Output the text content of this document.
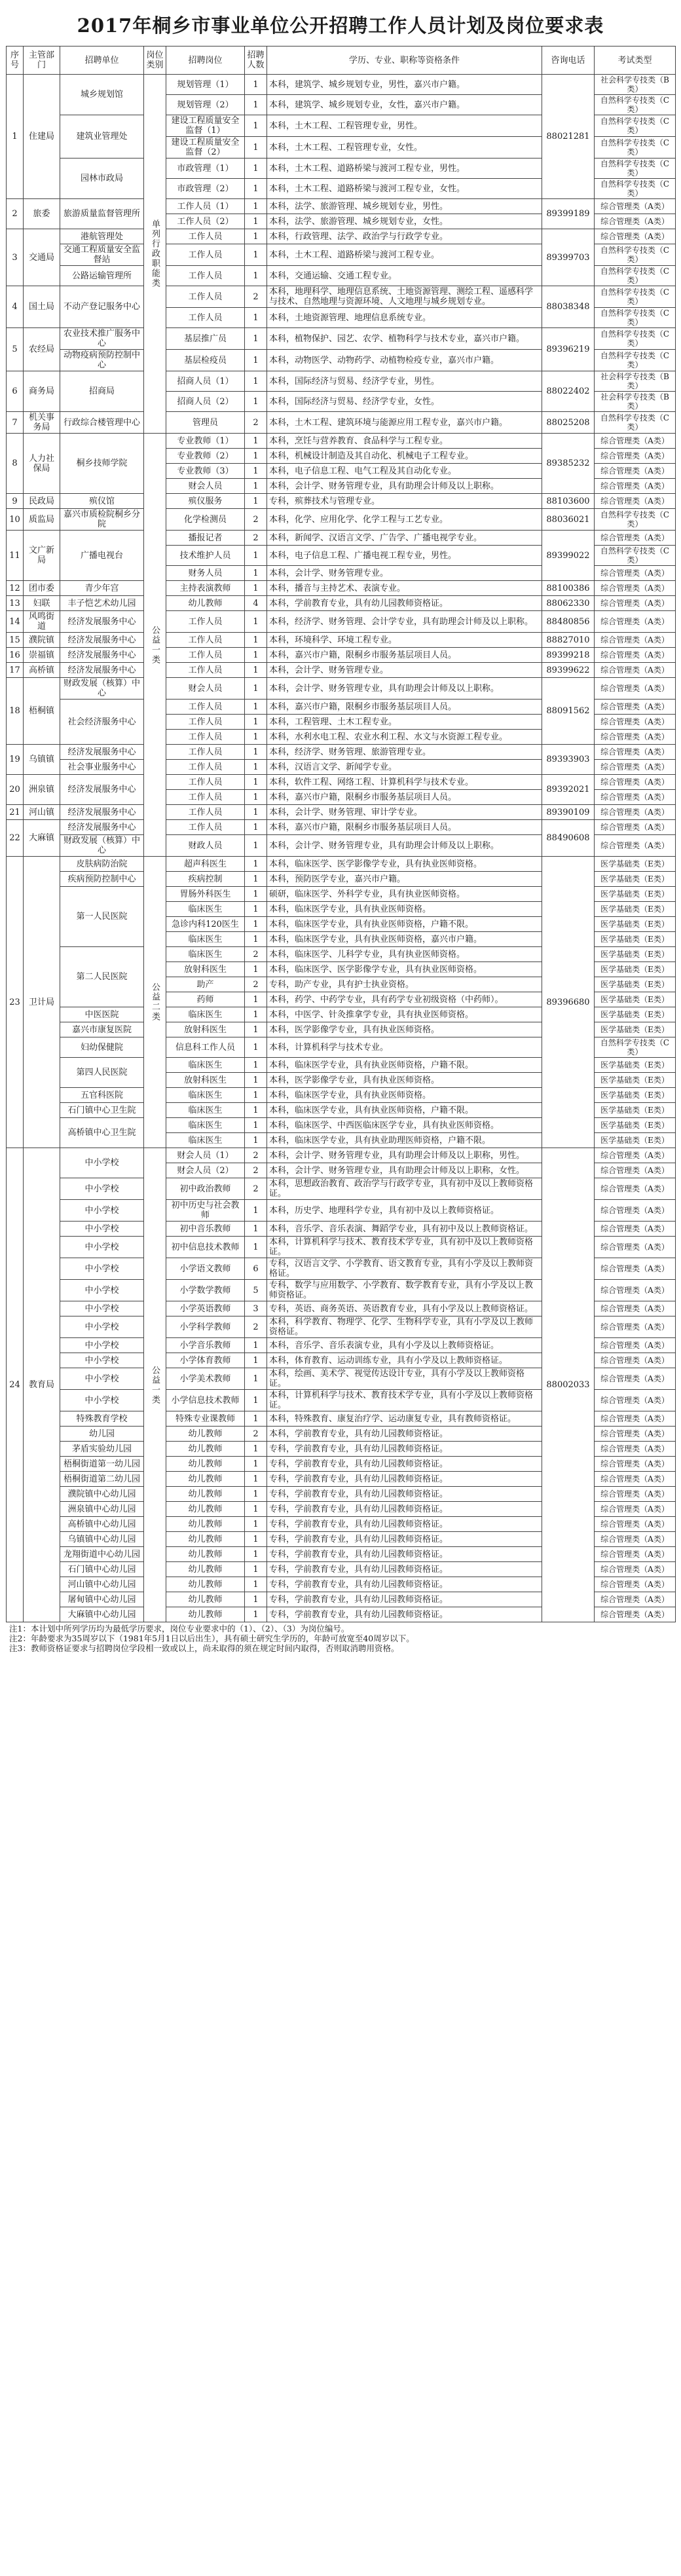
2017年桐乡市事业单位公开招聘工作人员计划及岗位要求表
序号	主管部门	招聘单位	岗位类别	招聘岗位	招聘人数	学历、专业、职称等资格条件	咨询电话	考试类型
1	住建局	城乡规划馆	单列行政职能类	规划管理（1）	1	本科，建筑学、城乡规划专业，男性，嘉兴市户籍。	88021281	社会科学专技类（B类）
				规划管理（2）	1	本科，建筑学、城乡规划专业，女性，嘉兴市户籍。		自然科学专技类（C类）
		建筑业管理处		建设工程质量安全监督（1）	1	本科，土木工程、工程管理专业，男性。		自然科学专技类（C类）
				建设工程质量安全监督（2）	1	本科，土木工程、工程管理专业，女性。		自然科学专技类（C类）
		园林市政局		市政管理（1）	1	本科，土木工程、道路桥梁与渡河工程专业，男性。		自然科学专技类（C类）
				市政管理（2）	1	本科，土木工程、道路桥梁与渡河工程专业，女性。		自然科学专技类（C类）
2	旅委	旅游质量监督管理所		工作人员（1）	1	本科，法学、旅游管理、城乡规划专业，男性。	89399189	综合管理类（A类）
				工作人员（2）	1	本科，法学、旅游管理、城乡规划专业，女性。		综合管理类（A类）
3	交通局	港航管理处		工作人员	1	本科，行政管理、法学、政治学与行政学专业。	89399703	综合管理类（A类）
		交通工程质量安全监督站		工作人员	1	本科，土木工程、道路桥梁与渡河工程专业。		自然科学专技类（C类）
		公路运输管理所		工作人员	1	本科，交通运输、交通工程专业。		自然科学专技类（C类）
4	国土局	不动产登记服务中心		工作人员	2	本科，地理科学、地理信息系统、土地资源管理、测绘工程、遥感科学与技术、自然地理与资源环境、人文地理与城乡规划专业。	88038348	自然科学专技类（C类）
				工作人员	1	本科，土地资源管理、地理信息系统专业。		自然科学专技类（C类）
5	农经局	农业技术推广服务中心		基层推广员	1	本科，植物保护、园艺、农学、植物科学与技术专业，嘉兴市户籍。	89396219	自然科学专技类（C类）
		动物疫病预防控制中心		基层检疫员	1	本科，动物医学、动物药学、动植物检疫专业，嘉兴市户籍。		自然科学专技类（C类）
6	商务局	招商局		招商人员（1）	1	本科，国际经济与贸易、经济学专业，男性。	88022402	社会科学专技类（B类）
				招商人员（2）	1	本科，国际经济与贸易、经济学专业，女性。		社会科学专技类（B类）
7	机关事务局	行政综合楼管理中心		管理员	2	本科，土木工程、建筑环境与能源应用工程专业，嘉兴市户籍。	88025208	自然科学专技类（C类）
8	人力社保局	桐乡技师学院	公益一类	专业教师（1）	1	本科，烹饪与营养教育、食品科学与工程专业。	89385232	综合管理类（A类）
				专业教师（2）	1	本科，机械设计制造及其自动化、机械电子工程专业。		综合管理类（A类）
				专业教师（3）	1	本科，电子信息工程、电气工程及其自动化专业。		综合管理类（A类）
				财会人员	1	本科，会计学、财务管理专业，具有助理会计师及以上职称。		综合管理类（A类）
9	民政局	殡仪馆		殡仪服务	1	专科，殡葬技术与管理专业。	88103600	综合管理类（A类）
10	质监局	嘉兴市质检院桐乡分院		化学检测员	2	本科，化学、应用化学、化学工程与工艺专业。	88036021	自然科学专技类（C类）
11	文广新局	广播电视台		播报记者	2	本科，新闻学、汉语言文学、广告学、广播电视学专业。	89399022	综合管理类（A类）
				技术维护人员	1	本科，电子信息工程、广播电视工程专业，男性。		自然科学专技类（C类）
				财务人员	1	本科，会计学、财务管理专业。		综合管理类（A类）
12	团市委	青少年宫		主持表演教师	1	本科，播音与主持艺术、表演专业。	88100386	综合管理类（A类）
13	妇联	丰子恺艺术幼儿园		幼儿教师	4	本科，学前教育专业，具有幼儿园教师资格证。	88062330	综合管理类（A类）
14	风鸣街道	经济发展服务中心		工作人员	1	本科，经济学、财务管理、会计学专业，具有助理会计师及以上职称。	88480856	综合管理类（A类）
15	濮院镇	经济发展服务中心		工作人员	1	本科，环境科学、环境工程专业。	88827010	综合管理类（A类）
16	崇福镇	经济发展服务中心		工作人员	1	本科，嘉兴市户籍，限桐乡市服务基层项目人员。	89399218	综合管理类（A类）
17	高桥镇	经济发展服务中心		工作人员	1	本科，会计学、财务管理专业。	89399622	综合管理类（A类）
18	梧桐镇	财政发展（核算）中心		财会人员	1	本科，会计学、财务管理专业，具有助理会计师及以上职称。	88091562	综合管理类（A类）
		社会经济服务中心		工作人员	1	本科，嘉兴市户籍，限桐乡市服务基层项目人员。		综合管理类（A类）
				工作人员	1	本科，工程管理、土木工程专业。		综合管理类（A类）
				工作人员	1	本科，水利水电工程、农业水利工程、水文与水资源工程专业。		综合管理类（A类）
19	乌镇镇	经济发展服务中心		工作人员	1	本科，经济学、财务管理、旅游管理专业。	89393903	综合管理类（A类）
		社会事业服务中心		工作人员	1	本科，汉语言文学、新闻学专业。		综合管理类（A类）
20	洲泉镇	经济发展服务中心		工作人员	1	本科，软件工程、网络工程、计算机科学与技术专业。	89392021	综合管理类（A类）
				工作人员	1	本科，嘉兴市户籍，限桐乡市服务基层项目人员。		综合管理类（A类）
21	河山镇	经济发展服务中心		工作人员	1	本科，会计学、财务管理、审计学专业。	89390109	综合管理类（A类）
22	大麻镇	经济发展服务中心		工作人员	1	本科，嘉兴市户籍，限桐乡市服务基层项目人员。	88490608	综合管理类（A类）
		财政发展（核算）中心		财政人员	1	本科，会计学、财务管理专业，具有助理会计师及以上职称。		综合管理类（A类）
23	卫计局	皮肤病防治院	公益二类	超声科医生	1	本科，临床医学、医学影像学专业，具有执业医师资格。	89396680	医学基础类（E类）
		疾病预防控制中心		疾病控制	1	本科，预防医学专业，嘉兴市户籍。		医学基础类（E类）
		第一人民医院		胃肠外科医生	1	硕研，临床医学、外科学专业，具有执业医师资格。		医学基础类（E类）
				临床医生	1	本科，临床医学专业，具有执业医师资格。		医学基础类（E类）
				急诊内科120医生	1	本科，临床医学专业，具有执业医师资格，户籍不限。		医学基础类（E类）
				临床医生	1	本科，临床医学专业，具有执业医师资格，嘉兴市户籍。		医学基础类（E类）
		第二人民医院		临床医生	2	本科，临床医学、儿科学专业，具有执业医师资格。		医学基础类（E类）
				放射科医生	1	本科，临床医学、医学影像学专业，具有执业医师资格。		医学基础类（E类）
				助产	2	专科，助产专业，具有护士执业资格。		医学基础类（E类）
				药师	1	本科，药学、中药学专业，具有药学专业初级资格（中药师）。		医学基础类（E类）
		中医医院		临床医生	1	本科，中医学、针灸推拿学专业，具有执业医师资格。		医学基础类（E类）
		嘉兴市康复医院		放射科医生	1	本科，医学影像学专业，具有执业医师资格。		医学基础类（E类）
		妇幼保健院		信息科工作人员	1	本科，计算机科学与技术专业。		自然科学专技类（C类）
		第四人民医院		临床医生	1	本科，临床医学专业，具有执业医师资格，户籍不限。		医学基础类（E类）
				放射科医生	1	本科，医学影像学专业，具有执业医师资格。		医学基础类（E类）
		五官科医院		临床医生	1	本科，临床医学专业，具有执业医师资格。		医学基础类（E类）
		石门镇中心卫生院		临床医生	1	本科，临床医学专业，具有执业医师资格，户籍不限。		医学基础类（E类）
		高桥镇中心卫生院		临床医生	1	本科，临床医学、中西医临床医学专业，具有执业医师资格。		医学基础类（E类）
				临床医生	1	本科，临床医学专业，具有执业助理医师资格，户籍不限。		医学基础类（E类）
24	教育局	中小学校	公益一类	财会人员（1）	2	本科，会计学、财务管理专业，具有助理会计师及以上职称，男性。	88002033	综合管理类（A类）
				财会人员（2）	2	本科，会计学、财务管理专业，具有助理会计师及以上职称，女性。		综合管理类（A类）
		中小学校		初中政治教师	2	本科，思想政治教育、政治学与行政学专业，具有初中及以上教师资格证。		综合管理类（A类）
		中小学校		初中历史与社会教师	1	本科，历史学、地理科学专业，具有初中及以上教师资格证。		综合管理类（A类）
		中小学校		初中音乐教师	1	本科，音乐学、音乐表演、舞蹈学专业，具有初中及以上教师资格证。		综合管理类（A类）
		中小学校		初中信息技术教师	1	本科，计算机科学与技术、教育技术学专业，具有初中及以上教师资格证。		综合管理类（A类）
		中小学校		小学语文教师	6	专科，汉语言文学、小学教育、语文教育专业，具有小学及以上教师资格证。		综合管理类（A类）
		中小学校		小学数学教师	5	专科，数学与应用数学、小学教育、数学教育专业，具有小学及以上教师资格证。		综合管理类（A类）
		中小学校		小学英语教师	3	专科，英语、商务英语、英语教育专业，具有小学及以上教师资格证。		综合管理类（A类）
		中小学校		小学科学教师	2	本科，科学教育、物理学、化学、生物科学专业，具有小学及以上教师资格证。		综合管理类（A类）
		中小学校		小学音乐教师	1	本科，音乐学、音乐表演专业，具有小学及以上教师资格证。		综合管理类（A类）
		中小学校		小学体育教师	1	本科，体育教育、运动训练专业，具有小学及以上教师资格证。		综合管理类（A类）
		中小学校		小学美术教师	1	本科，绘画、美术学、视觉传达设计专业，具有小学及以上教师资格证。		综合管理类（A类）
		中小学校		小学信息技术教师	1	本科，计算机科学与技术、教育技术学专业，具有小学及以上教师资格证。		综合管理类（A类）
		特殊教育学校		特殊专业课教师	1	本科，特殊教育、康复治疗学、运动康复专业，具有教师资格证。		综合管理类（A类）
		幼儿园		幼儿教师	2	本科，学前教育专业，具有幼儿园教师资格证。		综合管理类（A类）
		茅盾实验幼儿园		幼儿教师	1	专科，学前教育专业，具有幼儿园教师资格证。		综合管理类（A类）
		梧桐街道第一幼儿园		幼儿教师	1	专科，学前教育专业，具有幼儿园教师资格证。		综合管理类（A类）
		梧桐街道第二幼儿园		幼儿教师	1	专科，学前教育专业，具有幼儿园教师资格证。		综合管理类（A类）
		濮院镇中心幼儿园		幼儿教师	1	专科，学前教育专业，具有幼儿园教师资格证。		综合管理类（A类）
		洲泉镇中心幼儿园		幼儿教师	1	专科，学前教育专业，具有幼儿园教师资格证。		综合管理类（A类）
		高桥镇中心幼儿园		幼儿教师	1	专科，学前教育专业，具有幼儿园教师资格证。		综合管理类（A类）
		乌镇镇中心幼儿园		幼儿教师	1	专科，学前教育专业，具有幼儿园教师资格证。		综合管理类（A类）
		龙翔街道中心幼儿园		幼儿教师	1	专科，学前教育专业，具有幼儿园教师资格证。		综合管理类（A类）
		石门镇中心幼儿园		幼儿教师	1	专科，学前教育专业，具有幼儿园教师资格证。		综合管理类（A类）
		河山镇中心幼儿园		幼儿教师	1	专科，学前教育专业，具有幼儿园教师资格证。		综合管理类（A类）
		屠甸镇中心幼儿园		幼儿教师	1	专科，学前教育专业，具有幼儿园教师资格证。		综合管理类（A类）
		大麻镇中心幼儿园		幼儿教师	1	专科，学前教育专业，具有幼儿园教师资格证。		综合管理类（A类）
注1：本计划中所列学历均为最低学历要求，岗位专业要求中的（1）、（2）、（3）为岗位编号。
注2：年龄要求为35周岁以下（1981年5月1日以后出生），具有硕士研究生学历的，年龄可放宽至40周岁以下。
注3：教师资格证要求与招聘岗位学段相一致或以上，尚未取得的须在规定时间内取得，否则取消聘用资格。
